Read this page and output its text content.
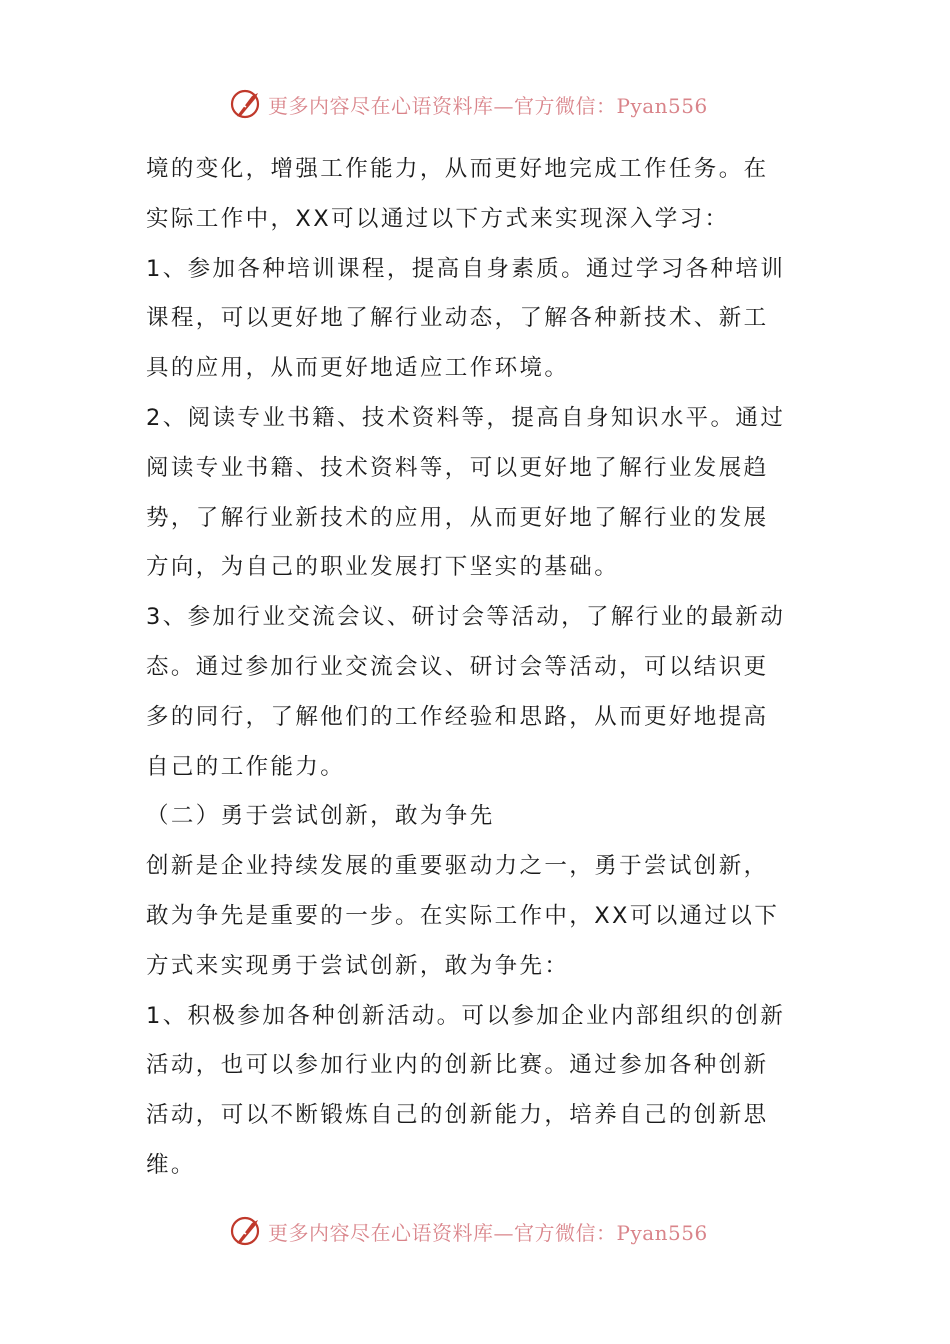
更多内容尽在心语资料库—官方微信：Pyan556
境的变化，增强工作能力，从而更好地完成工作任务。在
实际工作中，XX可以通过以下方式来实现深入学习：
1、参加各种培训课程，提高自身素质。通过学习各种培训
课程，可以更好地了解行业动态，了解各种新技术、新工
具的应用，从而更好地适应工作环境。
2、阅读专业书籍、技术资料等，提高自身知识水平。通过
阅读专业书籍、技术资料等，可以更好地了解行业发展趋
势，了解行业新技术的应用，从而更好地了解行业的发展
方向，为自己的职业发展打下坚实的基础。
3、参加行业交流会议、研讨会等活动，了解行业的最新动
态。通过参加行业交流会议、研讨会等活动，可以结识更
多的同行，了解他们的工作经验和思路，从而更好地提高
自己的工作能力。
（二）勇于尝试创新，敢为争先
创新是企业持续发展的重要驱动力之一，勇于尝试创新，
敢为争先是重要的一步。在实际工作中，XX可以通过以下
方式来实现勇于尝试创新，敢为争先：
1、积极参加各种创新活动。可以参加企业内部组织的创新
活动，也可以参加行业内的创新比赛。通过参加各种创新
活动，可以不断锻炼自己的创新能力，培养自己的创新思
维。
更多内容尽在心语资料库—官方微信：Pyan556
